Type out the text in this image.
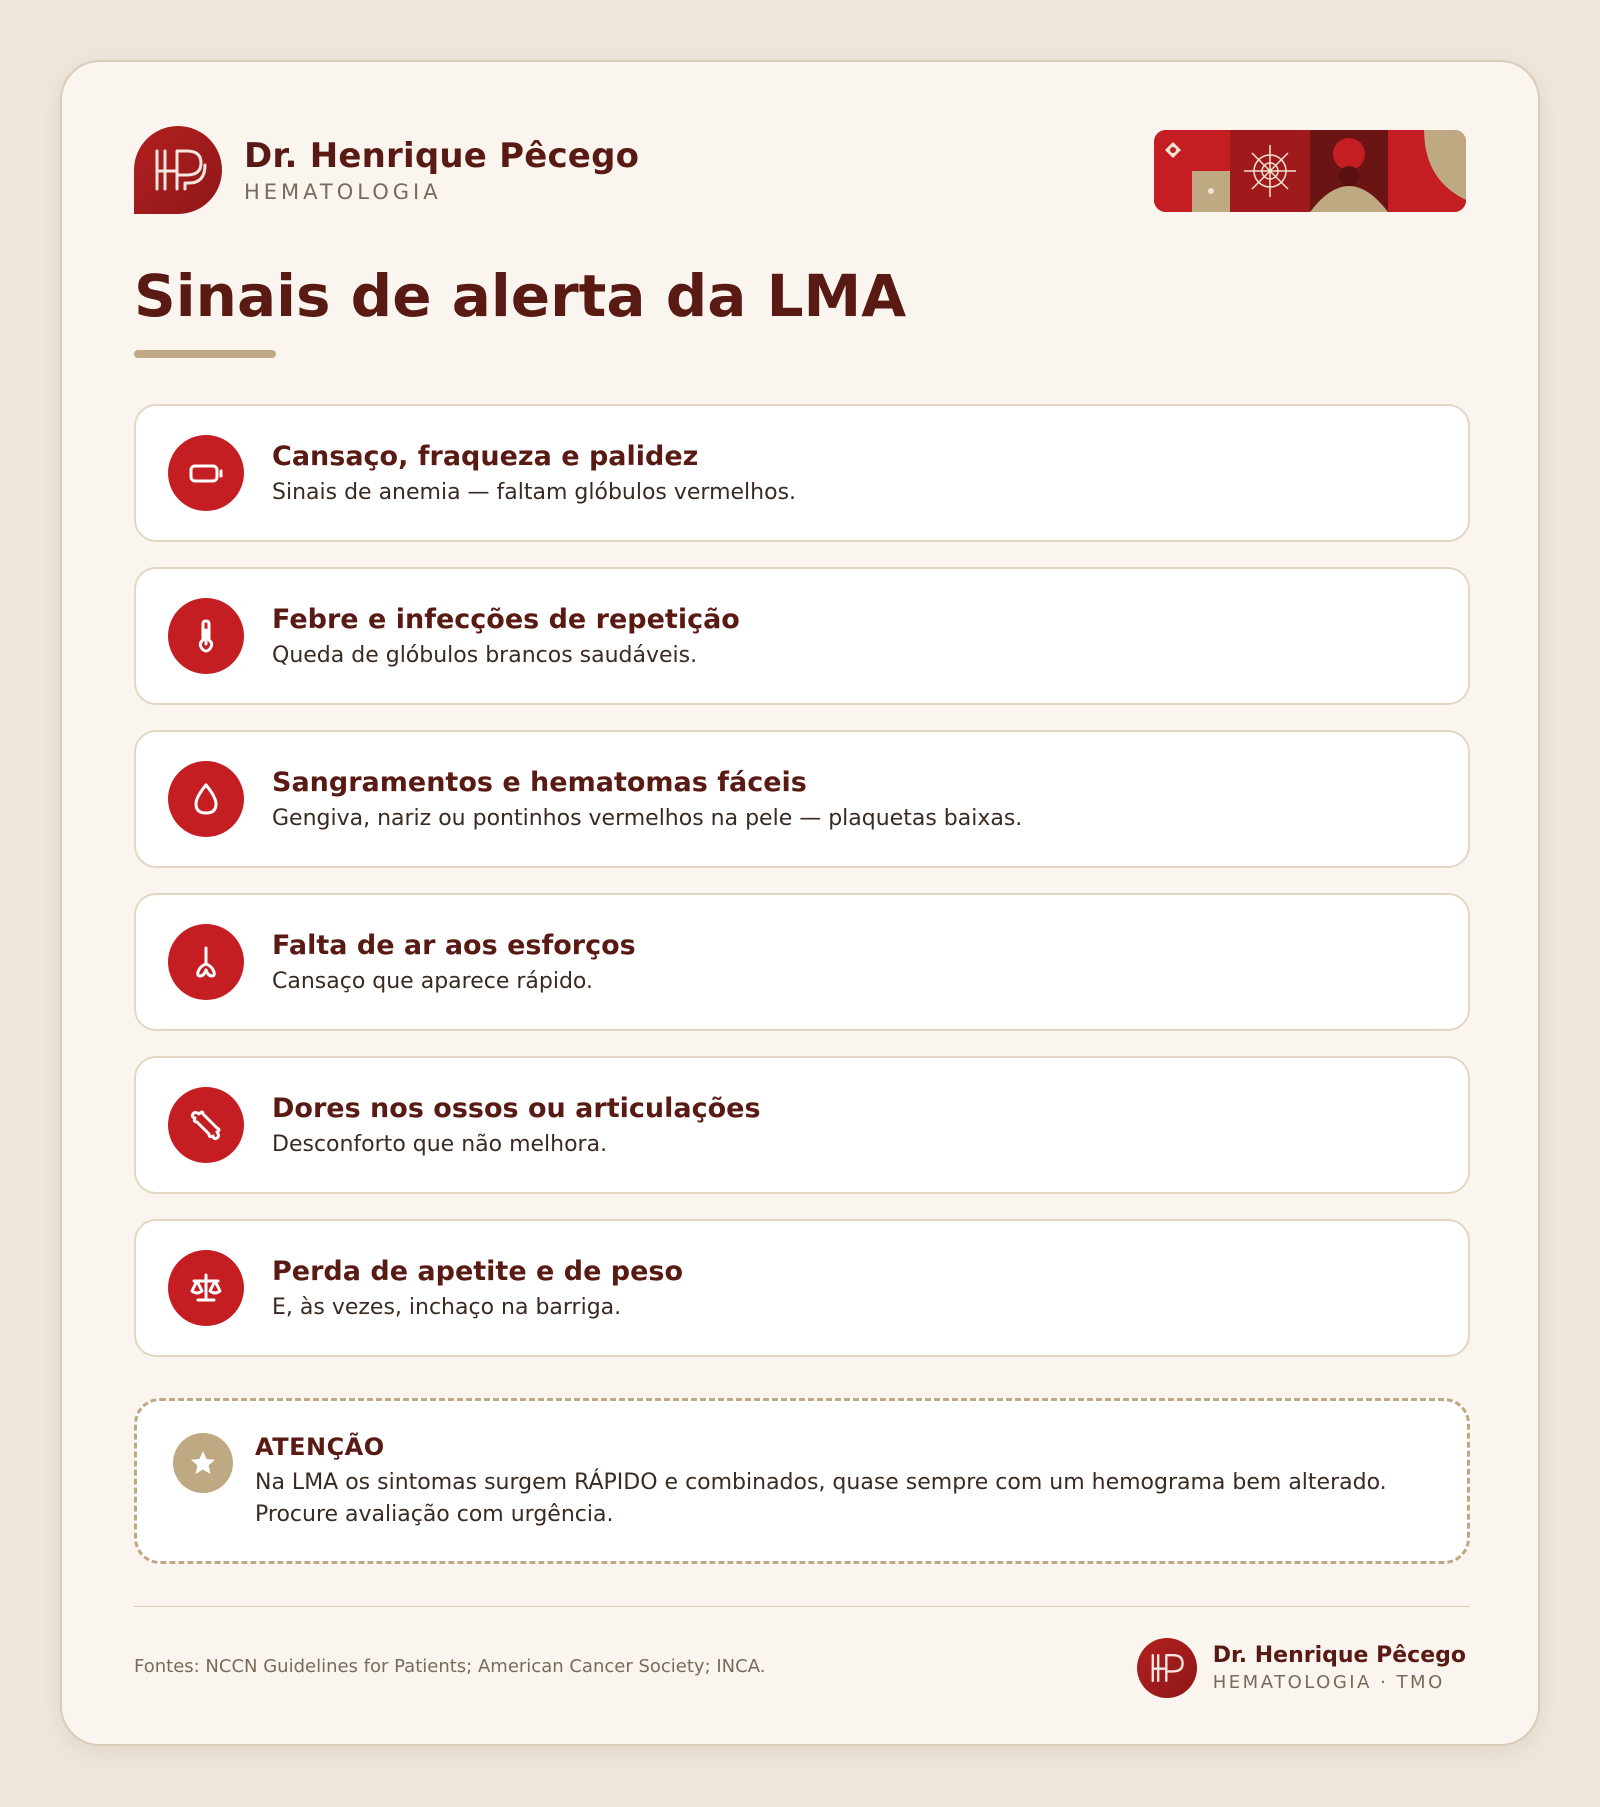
Dr. Henrique Pêcego
HEMATOLOGIA
Sinais de alerta da LMA
Cansaço, fraqueza e palidez
Sinais de anemia — faltam glóbulos vermelhos.
Febre e infecções de repetição
Queda de glóbulos brancos saudáveis.
Sangramentos e hematomas fáceis
Gengiva, nariz ou pontinhos vermelhos na pele — plaquetas baixas.
Falta de ar aos esforços
Cansaço que aparece rápido.
Dores nos ossos ou articulações
Desconforto que não melhora.
Perda de apetite e de peso
E, às vezes, inchaço na barriga.
ATENÇÃO
Na LMA os sintomas surgem RÁPIDO e combinados, quase sempre com um hemograma bem alterado. Procure avaliação com urgência.
Fontes: NCCN Guidelines for Patients; American Cancer Society; INCA.	Dr. Henrique Pêcego
HEMATOLOGIA · TMO
